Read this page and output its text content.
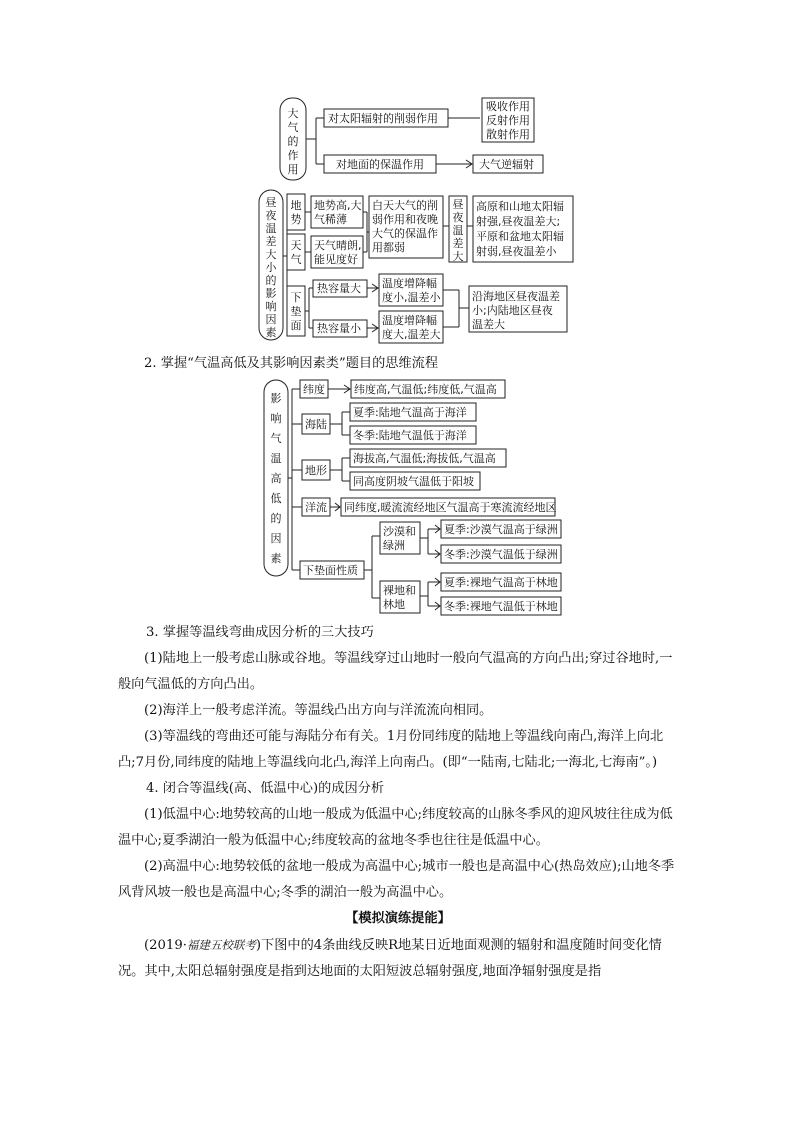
大
气
的
作
用
对太阳辐射的削弱作用
吸收作用
反射作用
散射作用
对地面的保温作用	大气逆辐射
昼
夜
温
差
大
小
的
影
响
因
素
地
势
天
气
下
垫
面
地势高,大
气稀薄
天气晴朗,
能见度好
白天大气的削
弱作用和夜晚
大气的保温作
用都弱
昼
夜
温
差
大
高原和山地太阳辐
射强,昼夜温差大;
平原和盆地太阳辐
射弱,昼夜温差小
热容量大 温度增降幅
度小,温差小
热容量小
温度增降幅
度大,温差大
沿海地区昼夜温差
小;内陆地区昼夜
温差大
2. 掌握“气温高低及其影响因素类”题目的思维流程
影
响
气
温
高
低
的
因
素
纬度	纬度高,气温低;纬度低,气温高
海陆
夏季:陆地气温高于海洋
冬季:陆地气温低于海洋
地形
海拔高,气温低;海拔低,气温高
同高度阴坡气温低于阳坡
洋流 同纬度,暖流流经地区气温高于寒流流经地区
下垫面性质
沙漠和
绿洲
夏季:沙漠气温高于绿洲
冬季:沙漠气温低于绿洲
裸地和
林地
夏季:裸地气温高于林地
冬季:裸地气温低于林地

3. 掌握等温线弯曲成因分析的三大技巧

(1)陆地上一般考虑山脉或谷地。等温线穿过山地时一般向气温高的方向凸出;穿过谷地时,一般向气温低的方向凸出。

(2)海洋上一般考虑洋流。等温线凸出方向与洋流流向相同。

(3)等温线的弯曲还可能与海陆分布有关。1月份同纬度的陆地上等温线向南凸,海洋上向北凸;7月份,同纬度的陆地上等温线向北凸,海洋上向南凸。(即“一陆南,七陆北;一海北,七海南”。)

4. 闭合等温线(高、低温中心)的成因分析

(1)低温中心:地势较高的山地一般成为低温中心;纬度较高的山脉冬季风的迎风坡往往成为低温中心;夏季湖泊一般为低温中心;纬度较高的盆地冬季也往往是低温中心。

(2)高温中心:地势较低的盆地一般成为高温中心;城市一般也是高温中心(热岛效应);山地冬季风背风坡一般也是高温中心;冬季的湖泊一般为高温中心。

【模拟演练提能】

(2019·福建五校联考)下图中的4条曲线反映R地某日近地面观测的辐射和温度随时间变化情况。其中,太阳总辐射强度是指到达地面的太阳短波总辐射强度,地面净辐射强度是指
